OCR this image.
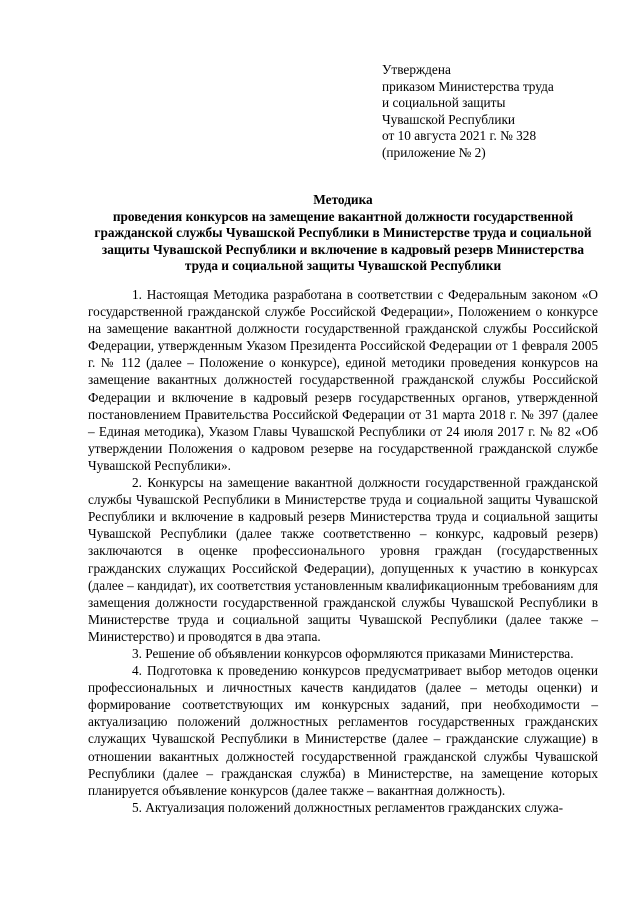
Утверждена
приказом Министерства труда
и социальной защиты
Чувашской Республики
от 10 августа 2021 г. № 328
(приложение № 2)
Методика
проведения конкурсов на замещение вакантной должности государственной гражданской службы Чувашской Республики в Министерстве труда и социальной защиты Чувашской Республики и включение в кадровый резерв Министерства труда и социальной защиты Чувашской Республики

1. Настоящая Методика разработана в соответствии с Федеральным законом «О государственной гражданской службе Российской Федерации», Положением о конкурсе на замещение вакантной должности государственной гражданской службы Российской Федерации, утвержденным Указом Президента Российской Федерации от 1 февраля 2005 г. № 112 (далее – Положение о конкурсе), единой методики проведения конкурсов на замещение вакантных должностей государственной гражданской службы Российской Федерации и включение в кадровый резерв государственных органов, утвержденной постановлением Правительства Российской Федерации от 31 марта 2018 г. № 397 (далее – Единая методика), Указом Главы Чувашской Республики от 24 июля 2017 г. № 82 «Об утверждении Положения о кадровом резерве на государственной гражданской службе Чувашской Республики».

2. Конкурсы на замещение вакантной должности государственной гражданской службы Чувашской Республики в Министерстве труда и социальной защиты Чувашской Республики и включение в кадровый резерв Министерства труда и социальной защиты Чувашской Республики (далее также соответственно – конкурс, кадровый резерв) заключаются в оценке профессионального уровня граждан (государственных гражданских служащих Российской Федерации), допущенных к участию в конкурсах (далее – кандидат), их соответствия установленным квалификационным требованиям для замещения должности государственной гражданской службы Чувашской Республики в Министерстве труда и социальной защиты Чувашской Республики (далее также – Министерство) и проводятся в два этапа.

3. Решение об объявлении конкурсов оформляются приказами Министерства.

4. Подготовка к проведению конкурсов предусматривает выбор методов оценки профессиональных и личностных качеств кандидатов (далее – методы оценки) и формирование соответствующих им конкурсных заданий, при необходимости – актуализацию положений должностных регламентов государственных гражданских служащих Чувашской Республики в Министерстве (далее – гражданские служащие) в отношении вакантных должностей государственной гражданской службы Чувашской Республики (далее – гражданская служба) в Министерстве, на замещение которых планируется объявление конкурсов (далее также – вакантная должность).

5. Актуализация положений должностных регламентов гражданских служа-
